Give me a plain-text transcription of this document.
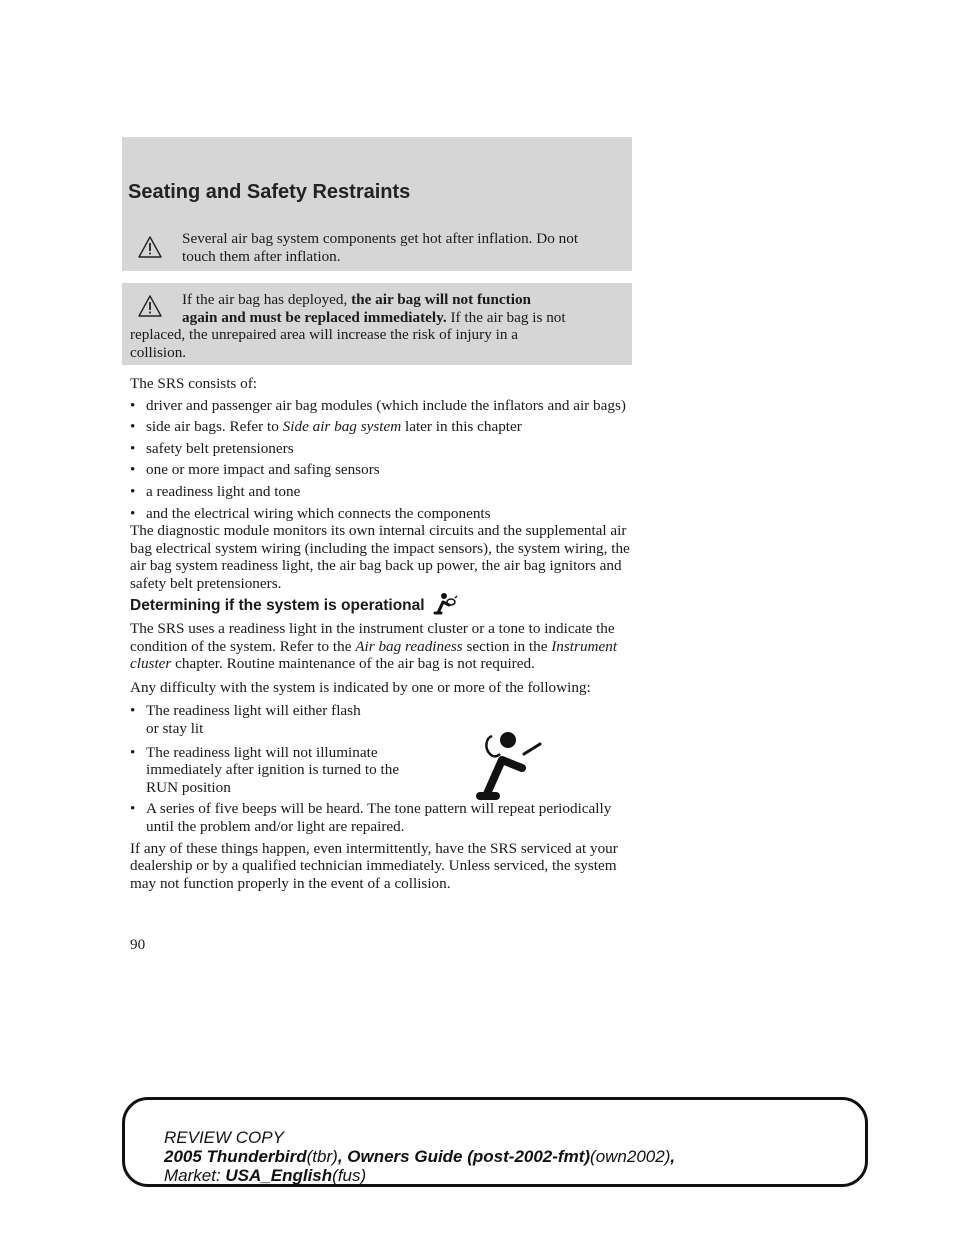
Seating and Safety Restraints
Several air bag system components get hot after inflation. Do not
touch them after inflation.
If the air bag has deployed, the air bag will not function
again and must be replaced immediately. If the air bag is not
replaced, the unrepaired area will increase the risk of injury in a
collision.

The SRS consists of:

• driver and passenger air bag modules (which include the inflators and air bags)
• side air bags. Refer to Side air bag system later in this chapter
• safety belt pretensioners
• one or more impact and safing sensors
• a readiness light and tone
• and the electrical wiring which connects the components

The diagnostic module monitors its own internal circuits and the supplemental air bag electrical system wiring (including the impact sensors), the system wiring, the air bag system readiness light, the air bag back up power, the air bag ignitors and safety belt pretensioners.

Determining if the system is operational

The SRS uses a readiness light in the instrument cluster or a tone to indicate the condition of the system. Refer to the Air bag readiness section in the Instrument cluster chapter. Routine maintenance of the air bag is not required.

Any difficulty with the system is indicated by one or more of the following:

• The readiness light will either flash or stay lit
• The readiness light will not illuminate immediately after ignition is turned to the RUN position
• A series of five beeps will be heard. The tone pattern will repeat periodically until the problem and/or light are repaired.

If any of these things happen, even intermittently, have the SRS serviced at your dealership or by a qualified technician immediately. Unless serviced, the system may not function properly in the event of a collision.

90
REVIEW COPY
2005 Thunderbird(tbr), Owners Guide (post-2002-fmt)(own2002),
Market: USA_English(fus)
